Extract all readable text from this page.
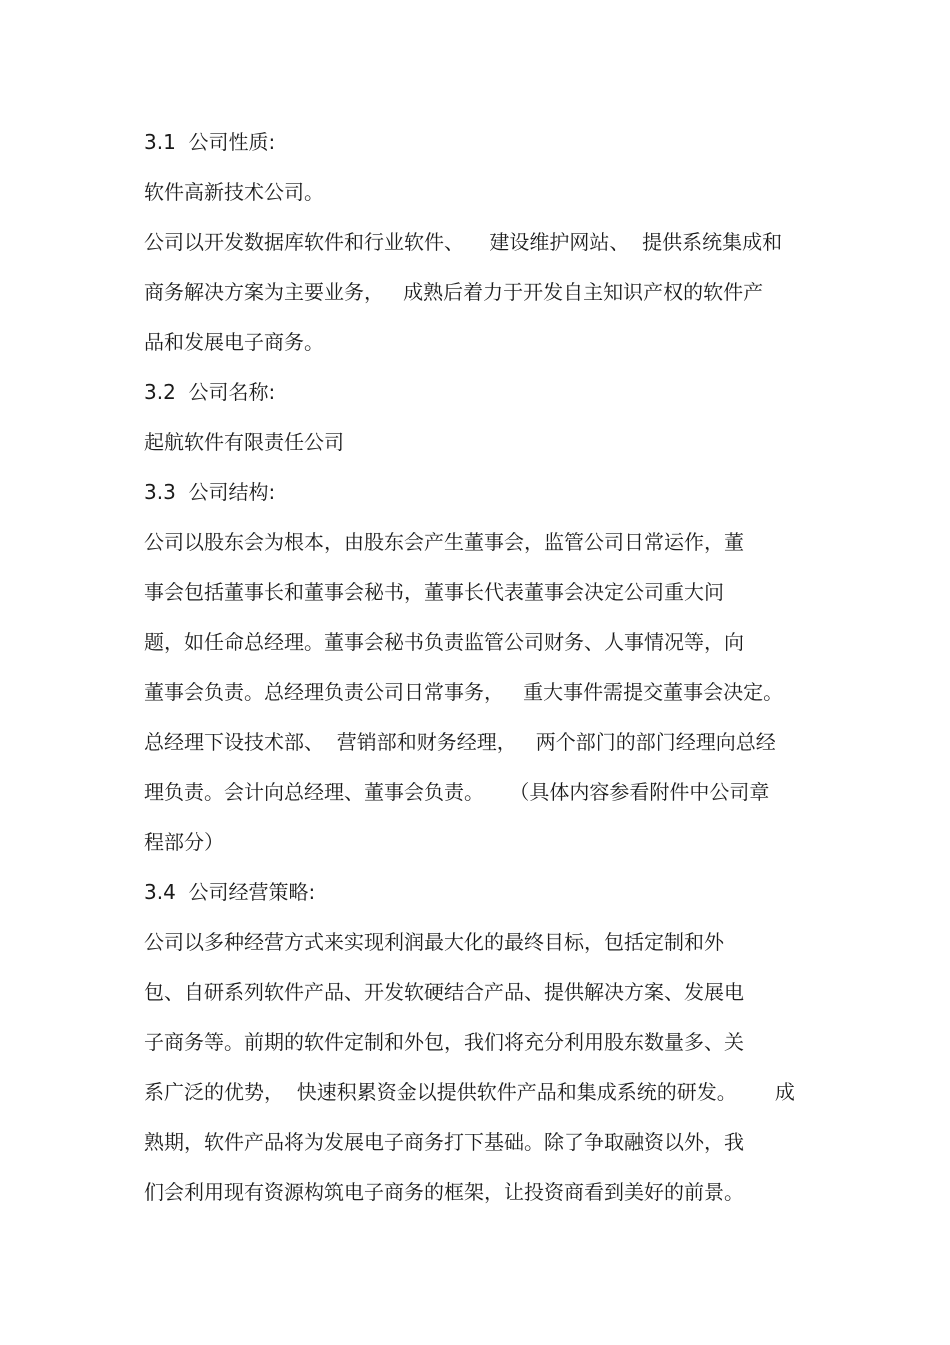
3.1  公司性质:
软件高新技术公司。
公司以开发数据库软件和行业软件、    建设维护网站、  提供系统集成和
商务解决方案为主要业务，   成熟后着力于开发自主知识产权的软件产
品和发展电子商务。
3.2  公司名称:
起航软件有限责任公司
3.3  公司结构:
公司以股东会为根本，由股东会产生董事会，监管公司日常运作，董
事会包括董事长和董事会秘书，董事长代表董事会决定公司重大问
题，如任命总经理。董事会秘书负责监管公司财务、人事情况等，向
董事会负责。总经理负责公司日常事务，   重大事件需提交董事会决定。
总经理下设技术部、  营销部和财务经理，   两个部门的部门经理向总经
理负责。会计向总经理、董事会负责。    （具体内容参看附件中公司章
程部分）
3.4  公司经营策略:
公司以多种经营方式来实现利润最大化的最终目标，包括定制和外
包、自研系列软件产品、开发软硬结合产品、提供解决方案、发展电
子商务等。前期的软件定制和外包，我们将充分利用股东数量多、关
系广泛的优势，  快速积累资金以提供软件产品和集成系统的研发。      成
熟期，软件产品将为发展电子商务打下基础。除了争取融资以外，我
们会利用现有资源构筑电子商务的框架，让投资商看到美好的前景。
